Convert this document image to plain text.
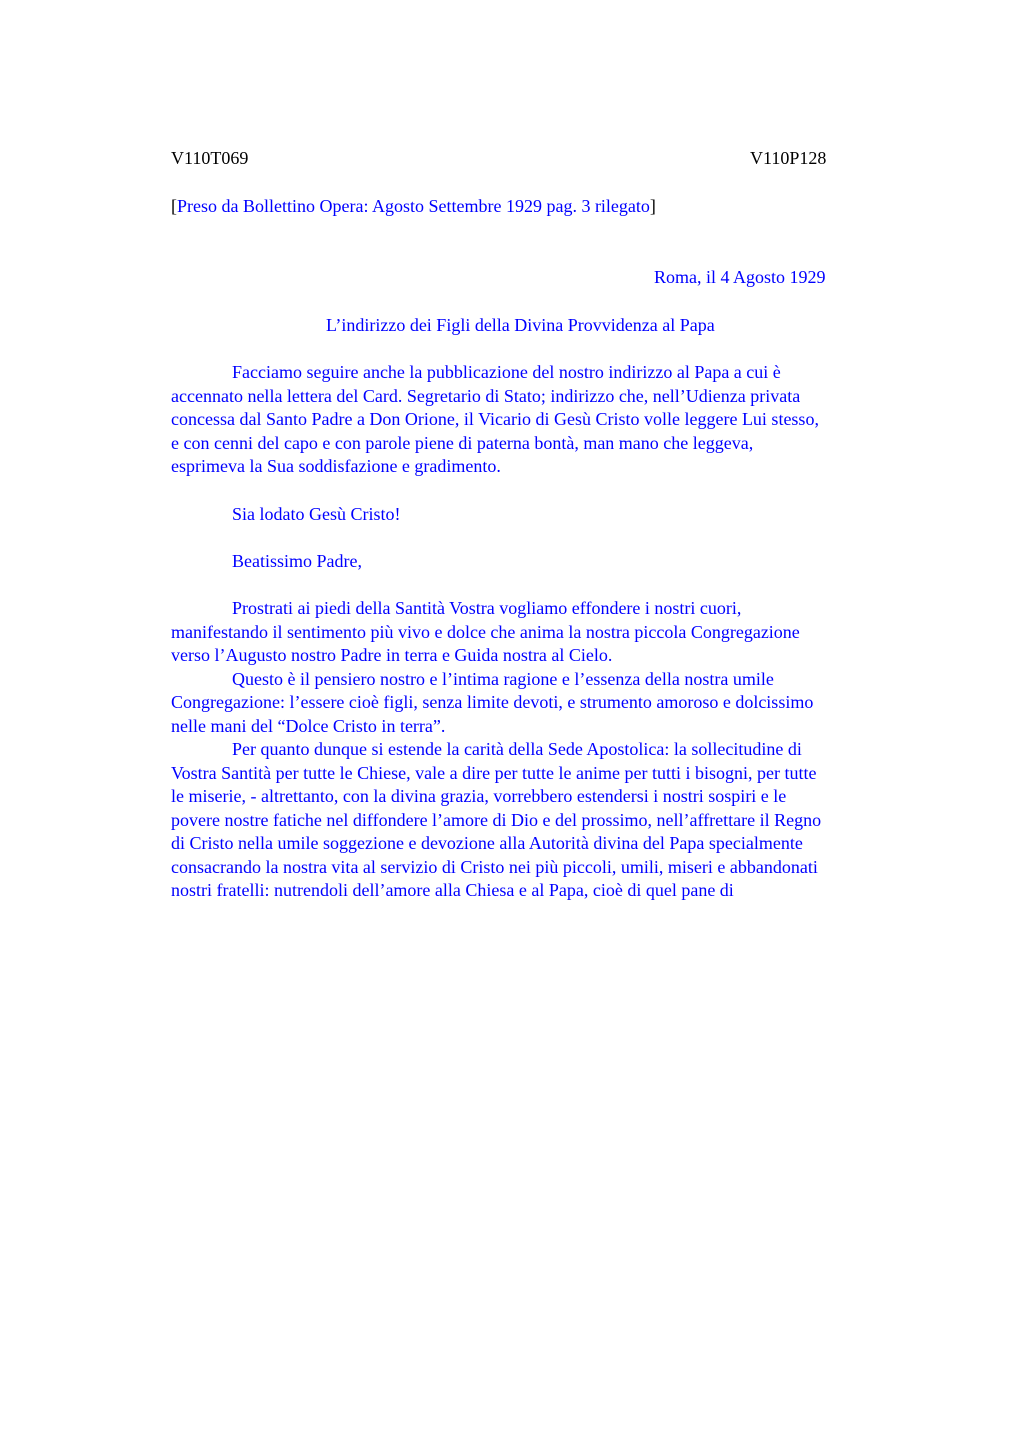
V110T069	V110P128
[Preso da Bollettino Opera: Agosto Settembre 1929 pag. 3 rilegato]
Roma, il 4 Agosto 1929
L’indirizzo dei Figli della Divina Provvidenza al Papa
Facciamo seguire anche la pubblicazione del nostro indirizzo al Papa a cui è
accennato nella lettera del Card. Segretario di Stato; indirizzo che, nell’Udienza privata
concessa dal Santo Padre a Don Orione, il Vicario di Gesù Cristo volle leggere Lui stesso,
e con cenni del capo e con parole piene di paterna bontà, man mano che leggeva,
esprimeva la Sua soddisfazione e gradimento.
Sia lodato Gesù Cristo!
Beatissimo Padre,
Prostrati ai piedi della Santità Vostra vogliamo effondere i nostri cuori,
manifestando il sentimento più vivo e dolce che anima la nostra piccola Congregazione
verso l’Augusto nostro Padre in terra e Guida nostra al Cielo.
Questo è il pensiero nostro e l’intima ragione e l’essenza della nostra umile
Congregazione: l’essere cioè figli, senza limite devoti, e strumento amoroso e dolcissimo
nelle mani del “Dolce Cristo in terra”.
Per quanto dunque si estende la carità della Sede Apostolica: la sollecitudine di
Vostra Santità per tutte le Chiese, vale a dire per tutte le anime per tutti i bisogni, per tutte
le miserie, - altrettanto, con la divina grazia, vorrebbero estendersi i nostri sospiri e le
povere nostre fatiche nel diffondere l’amore di Dio e del prossimo, nell’affrettare il Regno
di Cristo nella umile soggezione e devozione alla Autorità divina del Papa specialmente
consacrando la nostra vita al servizio di Cristo nei più piccoli, umili, miseri e abbandonati
nostri fratelli: nutrendoli dell’amore alla Chiesa e al Papa, cioè di quel pane di
